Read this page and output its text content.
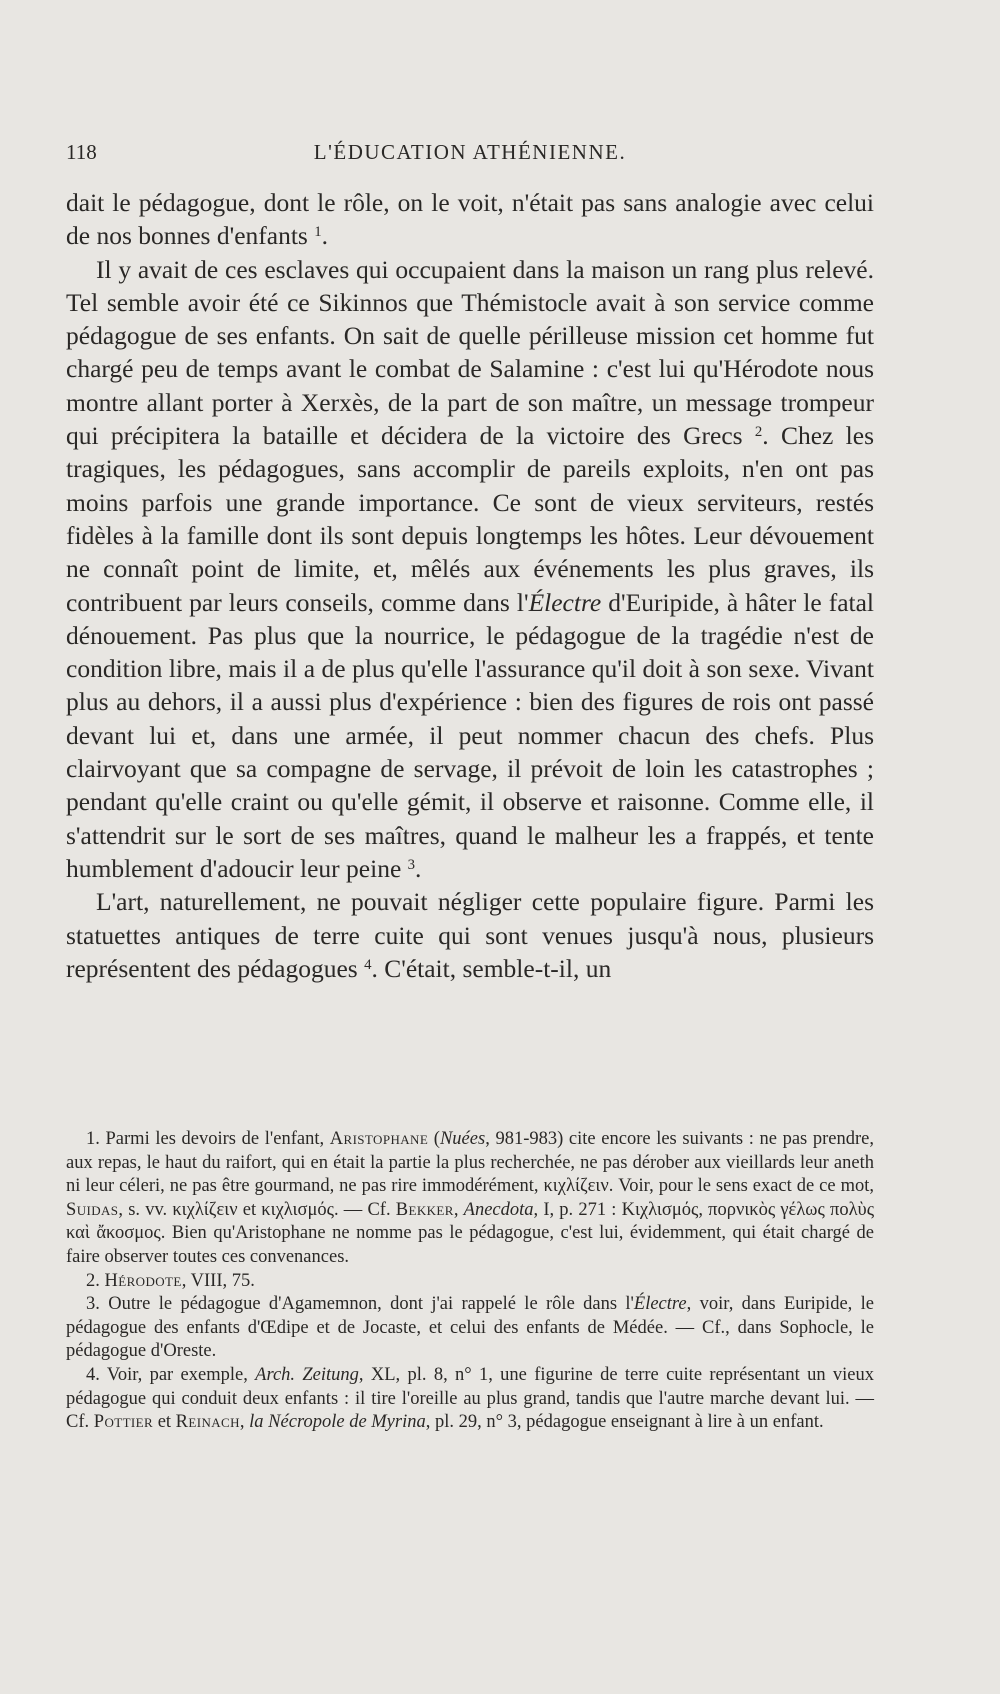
118	L'ÉDUCATION ATHÉNIENNE.

dait le pédagogue, dont le rôle, on le voit, n'était pas sans analogie avec celui de nos bonnes d'enfants $^1$.

Il y avait de ces esclaves qui occupaient dans la maison un rang plus relevé. Tel semble avoir été ce Sikinnos que Thémistocle avait à son service comme pédagogue de ses enfants. On sait de quelle périlleuse mission cet homme fut chargé peu de temps avant le combat de Salamine : c'est lui qu'Hérodote nous montre allant porter à Xerxès, de la part de son maître, un message trompeur qui précipitera la bataille et décidera de la victoire des Grecs $^2$. Chez les tragiques, les pédagogues, sans accomplir de pareils exploits, n'en ont pas moins parfois une grande importance. Ce sont de vieux serviteurs, restés fidèles à la famille dont ils sont depuis longtemps les hôtes. Leur dévouement ne connaît point de limite, et, mêlés aux événements les plus graves, ils contribuent par leurs conseils, comme dans l'Électre d'Euripide, à hâter le fatal dénouement. Pas plus que la nourrice, le pédagogue de la tragédie n'est de condition libre, mais il a de plus qu'elle l'assurance qu'il doit à son sexe. Vivant plus au dehors, il a aussi plus d'expérience : bien des figures de rois ont passé devant lui et, dans une armée, il peut nommer chacun des chefs. Plus clairvoyant que sa compagne de servage, il prévoit de loin les catastrophes ; pendant qu'elle craint ou qu'elle gémit, il observe et raisonne. Comme elle, il s'attendrit sur le sort de ses maîtres, quand le malheur les a frappés, et tente humblement d'adoucir leur peine $^3$.

L'art, naturellement, ne pouvait négliger cette populaire figure. Parmi les statuettes antiques de terre cuite qui sont venues jusqu'à nous, plusieurs représentent des pédagogues $^4$. C'était, semble-t-il, un

1. Parmi les devoirs de l'enfant, Aristophane (Nuées, 981-983) cite encore les suivants : ne pas prendre, aux repas, le haut du raifort, qui en était la partie la plus recherchée, ne pas dérober aux vieillards leur aneth ni leur céleri, ne pas être gourmand, ne pas rire immodérément, κιχλίζειν. Voir, pour le sens exact de ce mot, Suidas, s. vv. κιχλίζειν et κιχλισμός. — Cf. Bekker, Anecdota, I, p. 271 : Κιχλισμός, πορνικὸς γέλως πολὺς καὶ ἄκοσμος. Bien qu'Aristophane ne nomme pas le pédagogue, c'est lui, évidemment, qui était chargé de faire observer toutes ces convenances.

2. Hérodote, VIII, 75.

3. Outre le pédagogue d'Agamemnon, dont j'ai rappelé le rôle dans l'Électre, voir, dans Euripide, le pédagogue des enfants d'Œdipe et de Jocaste, et celui des enfants de Médée. — Cf., dans Sophocle, le pédagogue d'Oreste.

4. Voir, par exemple, Arch. Zeitung, XL, pl. 8, n° 1, une figurine de terre cuite représentant un vieux pédagogue qui conduit deux enfants : il tire l'oreille au plus grand, tandis que l'autre marche devant lui. — Cf. Pottier et Reinach, la Nécropole de Myrina, pl. 29, n° 3, pédagogue enseignant à lire à un enfant.
